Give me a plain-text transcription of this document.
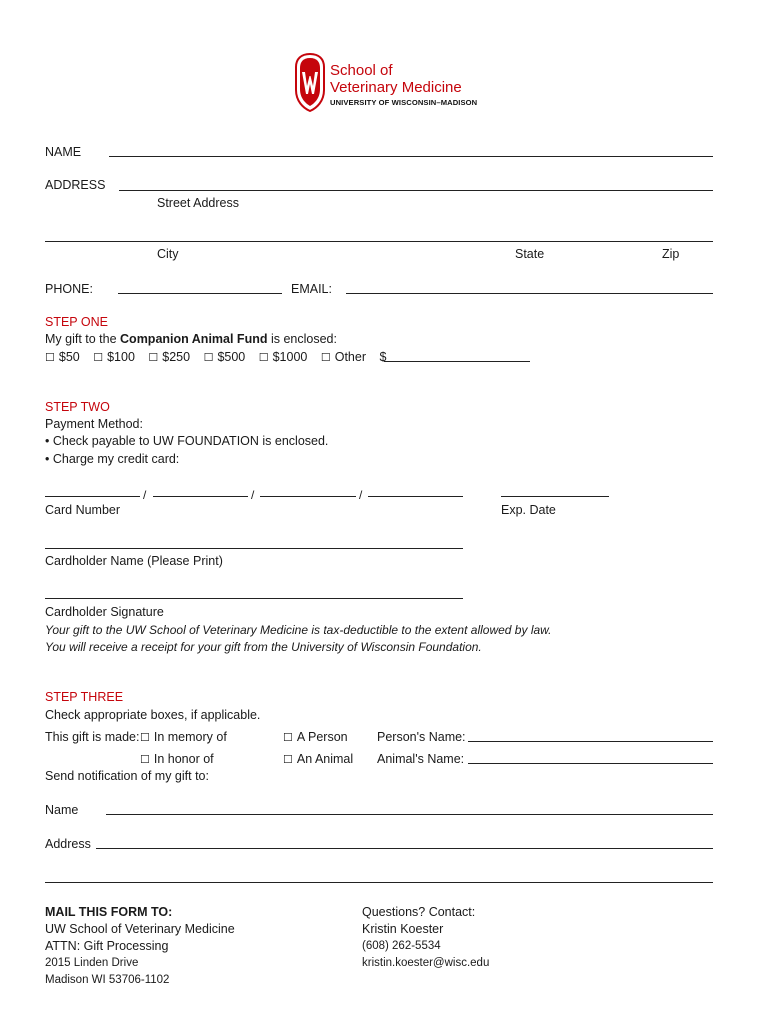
School of
Veterinary Medicine
UNIVERSITY OF WISCONSIN–MADISON
NAME
ADDRESS
Street Address
City	State	Zip
PHONE:	EMAIL:
STEP ONE
My gift to the Companion Animal Fund is enclosed:
☐ $50 ☐ $100 ☐ $250 ☐ $500 ☐ $1000 ☐ Other $
STEP TWO
Payment Method:
• Check payable to UW FOUNDATION is enclosed.
• Charge my credit card:
/	/	/
Card Number	Exp. Date
Cardholder Name (Please Print)
Cardholder Signature
Your gift to the UW School of Veterinary Medicine is tax-deductible to the extent allowed by law.
You will receive a receipt for your gift from the University of Wisconsin Foundation.
STEP THREE
Check appropriate boxes, if applicable.
This gift is made: ☐ In memory of	☐ A Person Person's Name:
☐ In honor of	☐ An Animal Animal's Name:
Send notification of my gift to:
Name
Address
MAIL THIS FORM TO:
UW School of Veterinary Medicine
ATTN: Gift Processing
2015 Linden Drive
Madison WI 53706-1102
Questions? Contact:
Kristin Koester
(608) 262-5534
kristin.koester@wisc.edu
